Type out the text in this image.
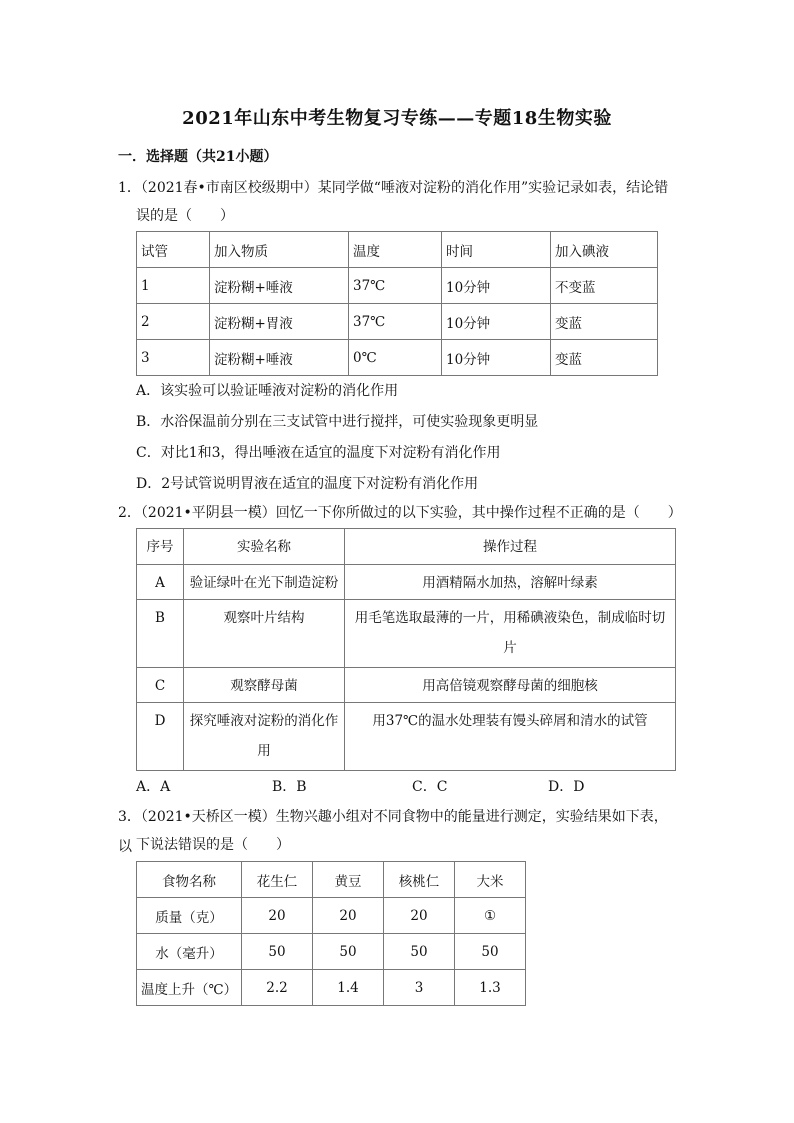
2021年山东中考生物复习专练——专题18生物实验
一．选择题（共21小题）
1．（2021春•市南区校级期中）某同学做“唾液对淀粉的消化作用”实验记录如表，结论错
误的是（　　）
试管	加入物质	温度	时间	加入碘液
1	淀粉糊+唾液	37℃	10分钟	不变蓝
2	淀粉糊+胃液	37℃	10分钟	变蓝
3	淀粉糊+唾液	0℃	10分钟	变蓝
A．该实验可以验证唾液对淀粉的消化作用
B．水浴保温前分别在三支试管中进行搅拌，可使实验现象更明显
C．对比1和3，得出唾液在适宜的温度下对淀粉有消化作用
D．2号试管说明胃液在适宜的温度下对淀粉有消化作用
2．（2021•平阴县一模）回忆一下你所做过的以下实验，其中操作过程不正确的是（　　）
序号	实验名称	操作过程
A	验证绿叶在光下制造淀粉	用酒精隔水加热，溶解叶绿素
B	观察叶片结构	用毛笔选取最薄的一片，用稀碘液染色，制成临时切片
C	观察酵母菌	用高倍镜观察酵母菌的细胞核
D	探究唾液对淀粉的消化作用	用37℃的温水处理装有馒头碎屑和清水的试管
A．A	B．B	C．C	D．D
3．（2021•天桥区一模）生物兴趣小组对不同食物中的能量进行测定，实验结果如下表，以 下说法错误的是（　　）
食物名称	花生仁	黄豆	核桃仁	大米
质量（克）	20	20	20	①
水（毫升）	50	50	50	50
温度上升（℃）	2.2	1.4	3	1.3
